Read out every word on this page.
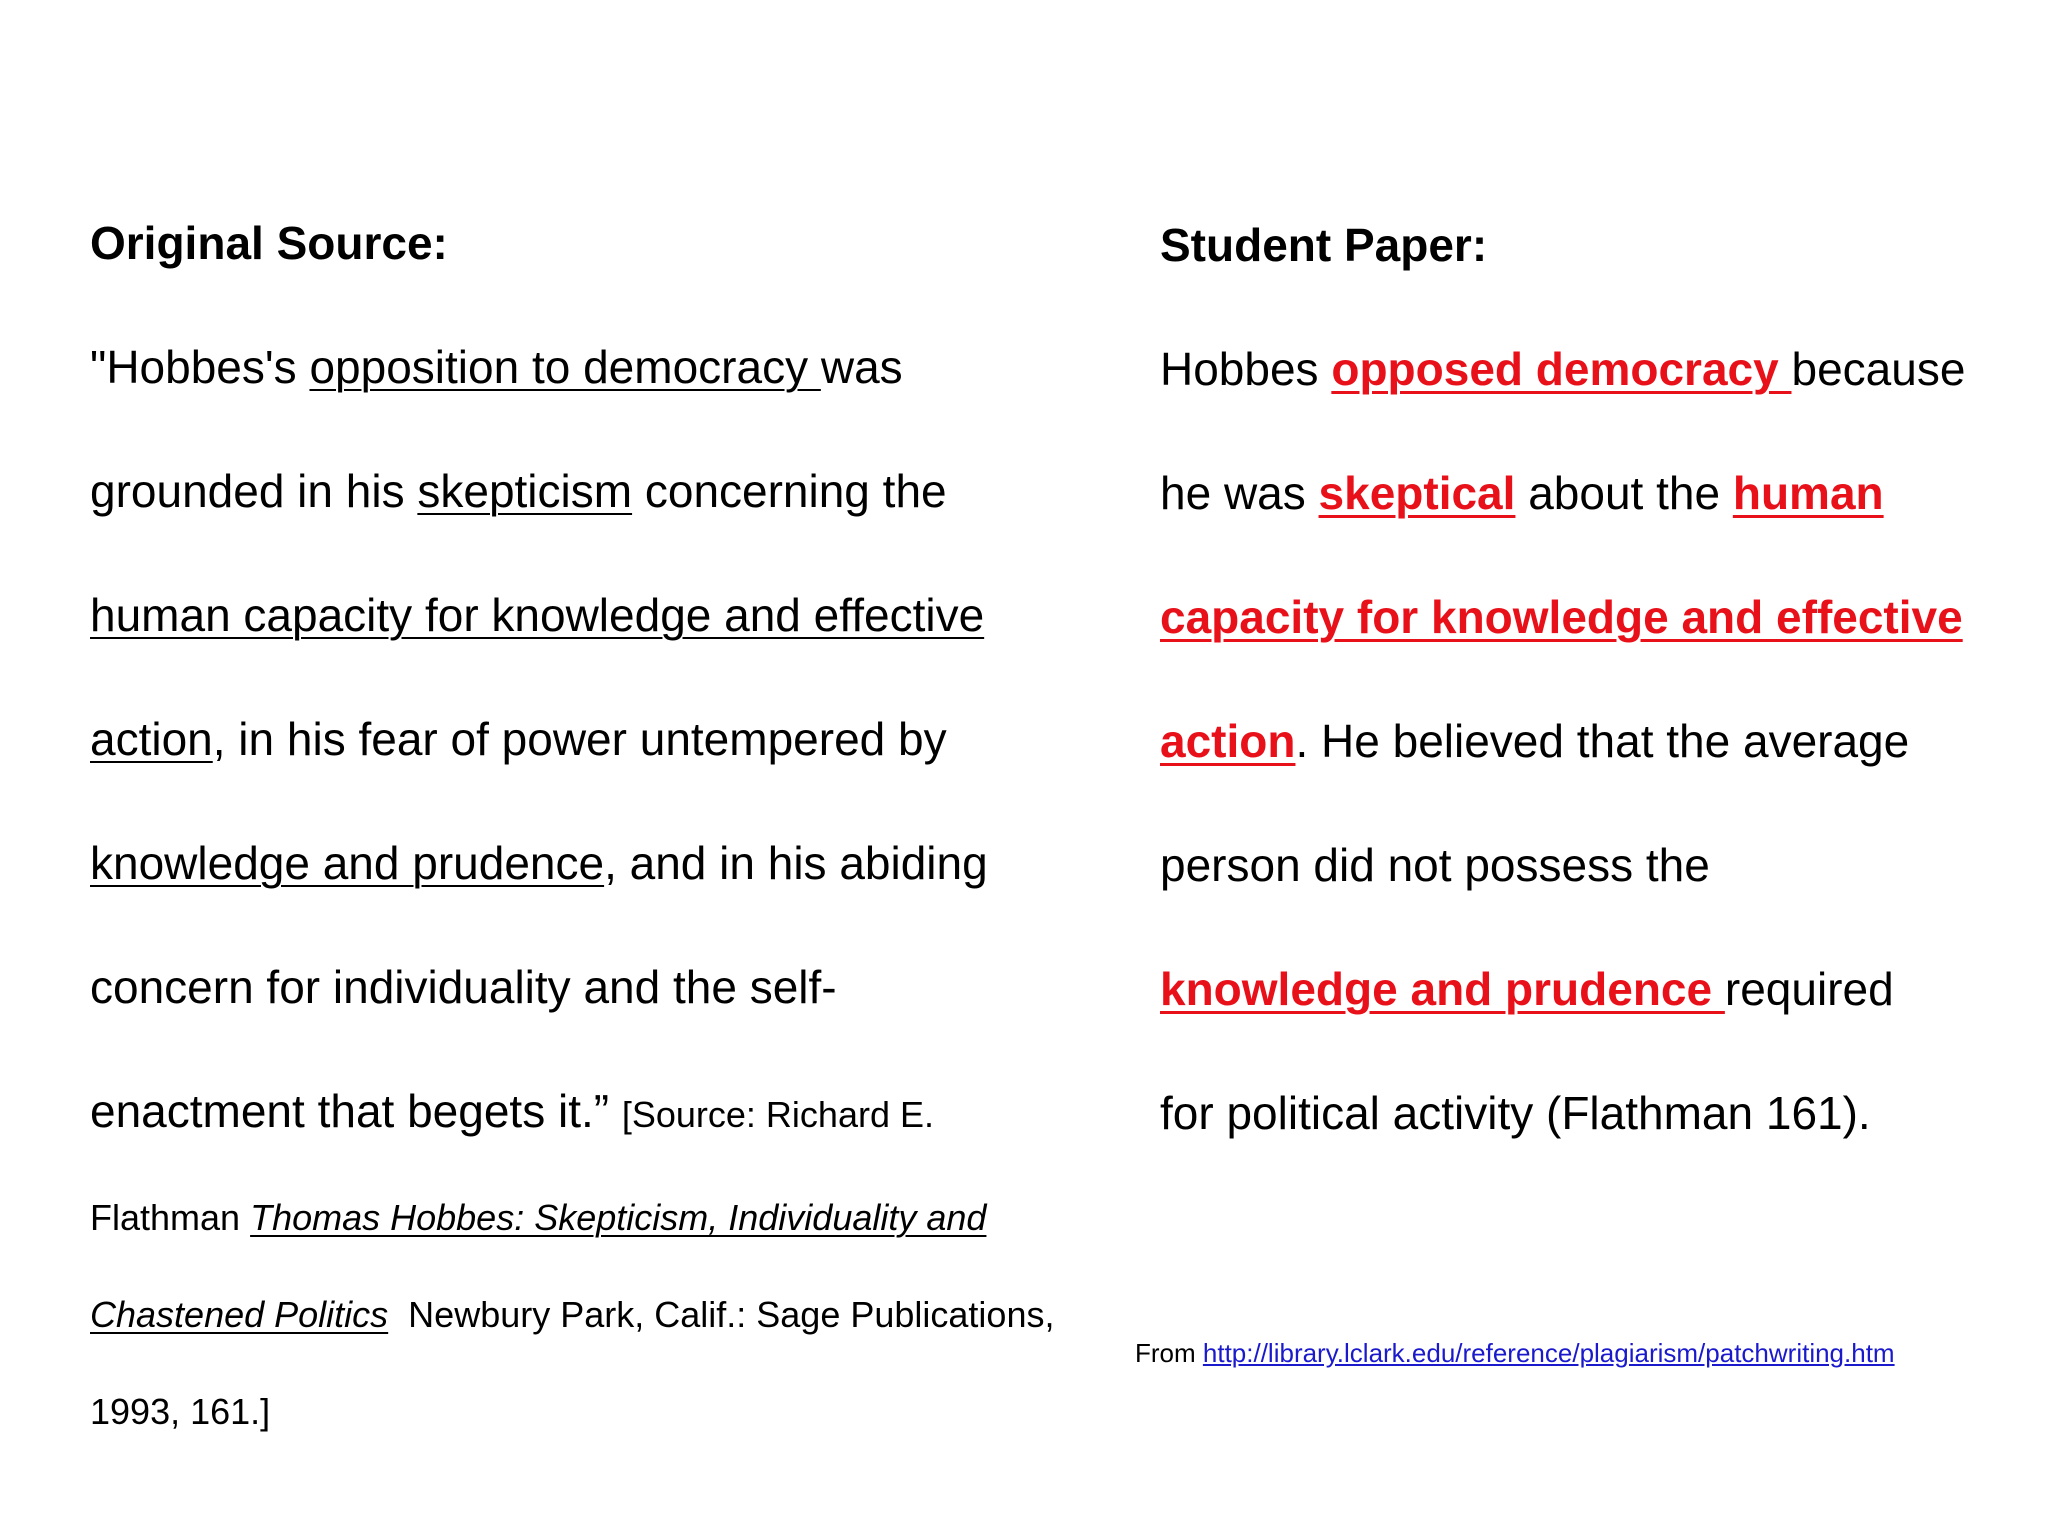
Original Source:
"Hobbes's opposition to democracy was
grounded in his skepticism concerning the
human capacity for knowledge and effective
action, in his fear of power untempered by
knowledge and prudence, and in his abiding
concern for individuality and the self-
enactment that begets it.” [Source: Richard E.
Flathman Thomas Hobbes: Skepticism, Individuality and
Chastened Politics  Newbury Park, Calif.: Sage Publications,
1993, 161.]
Student Paper:
Hobbes opposed democracy because
he was skeptical about the human
capacity for knowledge and effective
action. He believed that the average
person did not possess the
knowledge and prudence required
for political activity (Flathman 161).
From http://library.lclark.edu/reference/plagiarism/patchwriting.htm
